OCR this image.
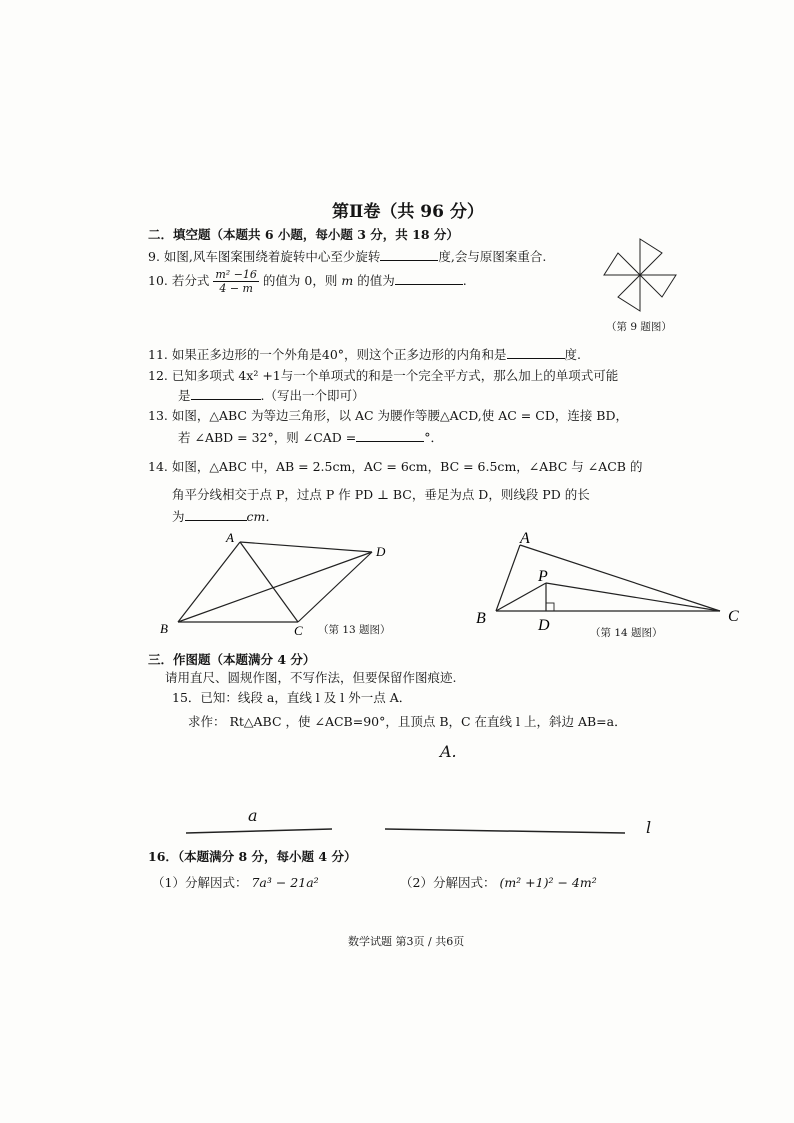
第Ⅱ卷（共 96 分）
二．填空题（本题共 6 小题，每小题 3 分，共 18 分）
9. 如图,风车图案围绕着旋转中心至少旋转	度,会与原图案重合.
（第 9 题图）
10. 若分式 $\frac{\text{m² −16}}{4 - m}$ 的值为 0，则 m 的值为	.
11. 如果正多边形的一个外角是40°，则这个正多边形的内角和是	度.
12. 已知多项式 4x² +1与一个单项式的和是一个完全平方式，那么加上的单项式可能
是	.（写出一个即可）
13. 如图，△ABC 为等边三角形，以 AC 为腰作等腰△ACD,使 AC = CD，连接 BD，
若 ∠ABD = 32°，则 ∠CAD =	°．
14. 如图，△ABC 中，AB = 2.5cm，AC = 6cm，BC = 6.5cm，∠ABC 与 ∠ACB 的
角平分线相交于点 P，过点 P 作 PD ⊥ BC，垂足为点 D，则线段 PD 的长
为	cm．
A
B	C
D
（第 13 题图）
A
P
B	D
C
（第 14 题图）
三．作图题（本题满分 4 分）
请用直尺、圆规作图，不写作法，但要保留作图痕迹.
15．已知：线段 a，直线 l 及 l 外一点 A．
求作： Rt△ABC ，使 ∠ACB=90°，且顶点 B，C 在直线 l 上，斜边 AB=a．
A.
a
l
16．（本题满分 8 分，每小题 4 分）
（1）分解因式： 7a³ − 21a²	（2）分解因式： (m² +1)² − 4m²
数学试题 第3页 / 共6页
